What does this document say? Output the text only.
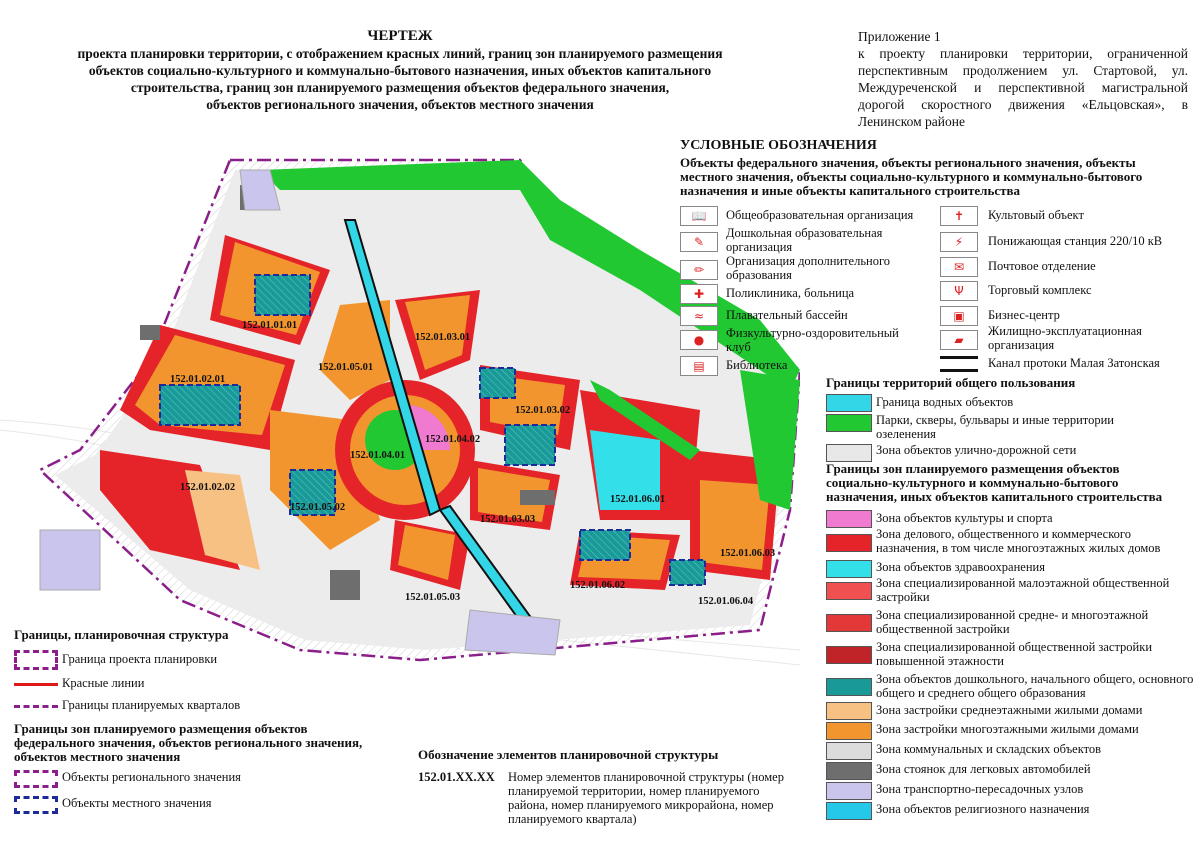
ЧЕРТЕЖ
проекта планировки территории, с отображением красных линий, границ зон планируемого размещения
объектов социально-культурного и коммунально-бытового назначения, иных объектов капитального
строительства, границ зон планируемого размещения объектов федерального значения,
объектов регионального значения, объектов местного значения
Приложение 1
к проекту планировки территории, ограниченной перспективным продолжением ул. Стартовой, ул. Междуреченской и перспективной магистральной дорогой скоростного движения «Ельцовская», в Ленинском районе
152.01.01.01
152.01.02.01
152.01.02.02
152.01.05.01
152.01.05.02
152.01.05.03
152.01.04.01
152.01.04.02
152.01.03.01
152.01.03.02
152.01.03.03
152.01.06.01
152.01.06.02
152.01.06.03
152.01.06.04
УСЛОВНЫЕ ОБОЗНАЧЕНИЯ
Объекты федерального значения, объекты регионального значения, объекты местного значения, объекты социально-культурного и коммунально-бытового назначения и иные объекты капитального строительства
📖	Общеобразовательная организация
✎
Дошкольная образовательная организация
✏
Организация дополнительного образования
✚	Поликлиника, больница
≈	Плавательный бассейн
●	Физкультурно-оздоровительный клуб
▤	Библиотека
✝	Культовый объект
⚡	Понижающая станция 220/10 кВ
✉	Почтовое отделение
Ψ	Торговый комплекс
▣	Бизнес-центр
▰
Жилищно-эксплуатационная организация
Канал протоки Малая Затонская
Границы территорий общего пользования
Граница водных объектов
Парки, скверы, бульвары и иные территории озеленения
Зона объектов улично-дорожной сети
Границы зон планируемого размещения объектов социально-культурного и коммунально-бытового назначения, иных объектов капитального строительства
Зона объектов культуры и спорта
Зона делового, общественного и коммерческого назначения, в том числе многоэтажных жилых домов
Зона объектов здравоохранения
Зона специализированной малоэтажной общественной застройки
Зона специализированной средне- и многоэтажной общественной застройки
Зона специализированной общественной застройки повышенной этажности
Зона объектов дошкольного, начального общего, основного общего и среднего общего образования
Зона застройки среднеэтажными жилыми домами
Зона застройки многоэтажными жилыми домами
Зона коммунальных и складских объектов
Зона стоянок для легковых автомобилей
Зона транспортно-пересадочных узлов
Зона объектов религиозного назначения
Границы, планировочная структура
Граница проекта планировки
Красные линии
Границы планируемых кварталов
Границы зон планируемого размещения объектов федерального значения, объектов регионального значения, объектов местного значения
Объекты регионального значения
Объекты местного значения
Обозначение элементов планировочной структуры
152.01.XX.XX Номер элементов планировочной структуры (номер планируемой территории, номер планируемого района, номер планируемого микрорайона, номер планируемого квартала)
